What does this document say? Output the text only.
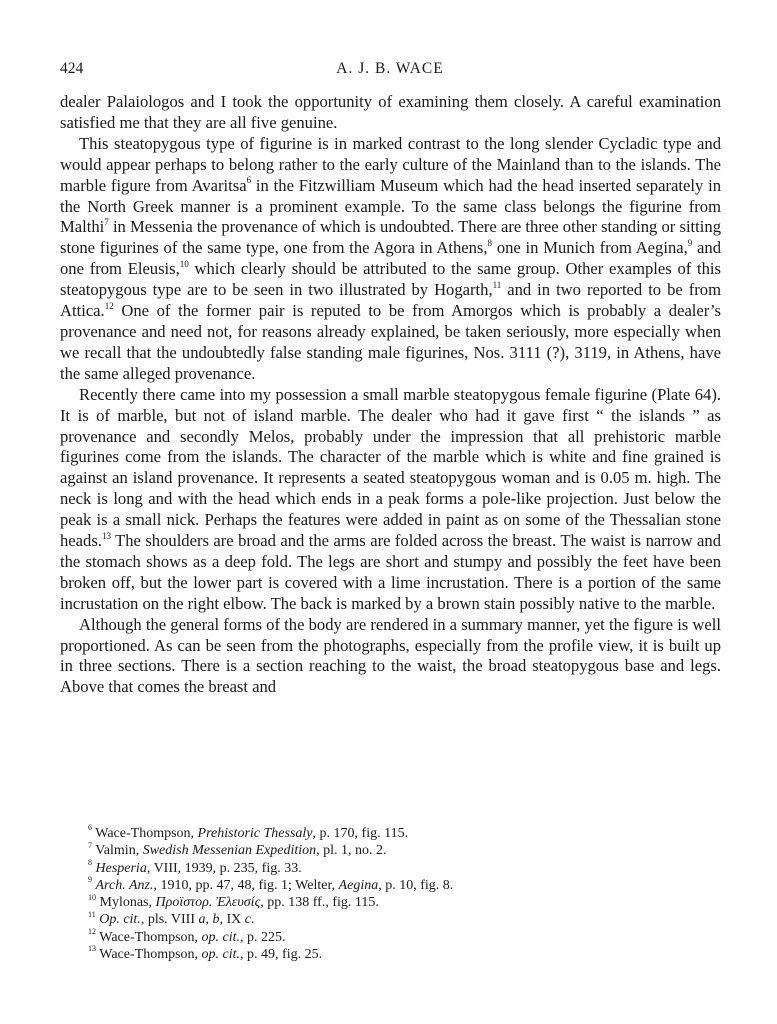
424	A. J. B. WACE

dealer Palaiologos and I took the opportunity of examining them closely. A careful examination satisfied me that they are all five genuine.

This steatopygous type of figurine is in marked contrast to the long slender Cycladic type and would appear perhaps to belong rather to the early culture of the Mainland than to the islands. The marble figure from Avaritsa$^6$ in the Fitzwilliam Museum which had the head inserted separately in the North Greek manner is a prominent example. To the same class belongs the figurine from Malthi$^7$ in Messenia the provenance of which is undoubted. There are three other standing or sitting stone figurines of the same type, one from the Agora in Athens,$^8$ one in Munich from Aegina,$^9$ and one from Eleusis,$^{10}$ which clearly should be attributed to the same group. Other examples of this steatopygous type are to be seen in two illustrated by Hogarth,$^{11}$ and in two reported to be from Attica.$^{12}$ One of the former pair is reputed to be from Amorgos which is probably a dealer’s provenance and need not, for reasons already explained, be taken seriously, more especially when we recall that the undoubtedly false standing male figurines, Nos. 3111 (?), 3119, in Athens, have the same alleged provenance.

Recently there came into my possession a small marble steatopygous female figurine (Plate 64). It is of marble, but not of island marble. The dealer who had it gave first “ the islands ” as provenance and secondly Melos, probably under the impression that all prehistoric marble figurines come from the islands. The character of the marble which is white and fine grained is against an island provenance. It represents a seated steatopygous woman and is 0.05 m. high. The neck is long and with the head which ends in a peak forms a pole-like projection. Just below the peak is a small nick. Perhaps the features were added in paint as on some of the Thessalian stone heads.$^{13}$ The shoulders are broad and the arms are folded across the breast. The waist is narrow and the stomach shows as a deep fold. The legs are short and stumpy and possibly the feet have been broken off, but the lower part is covered with a lime incrustation. There is a portion of the same incrustation on the right elbow. The back is marked by a brown stain possibly native to the marble.

Although the general forms of the body are rendered in a summary manner, yet the figure is well proportioned. As can be seen from the photographs, especially from the profile view, it is built up in three sections. There is a section reaching to the waist, the broad steatopygous base and legs. Above that comes the breast and

$^6$ Wace-Thompson, Prehistoric Thessaly, p. 170, fig. 115.
$^7$ Valmin, Swedish Messenian Expedition, pl. 1, no. 2.
$^8$ Hesperia, VIII, 1939, p. 235, fig. 33.
$^9$ Arch. Anz., 1910, pp. 47, 48, fig. 1; Welter, Aegina, p. 10, fig. 8.
$^{10}$ Mylonas, Προϊστορ. Ἐλευσίς, pp. 138 ff., fig. 115.
$^{11}$ Op. cit., pls. VIII a, b, IX c.
$^{12}$ Wace-Thompson, op. cit., p. 225.
$^{13}$ Wace-Thompson, op. cit., p. 49, fig. 25.
